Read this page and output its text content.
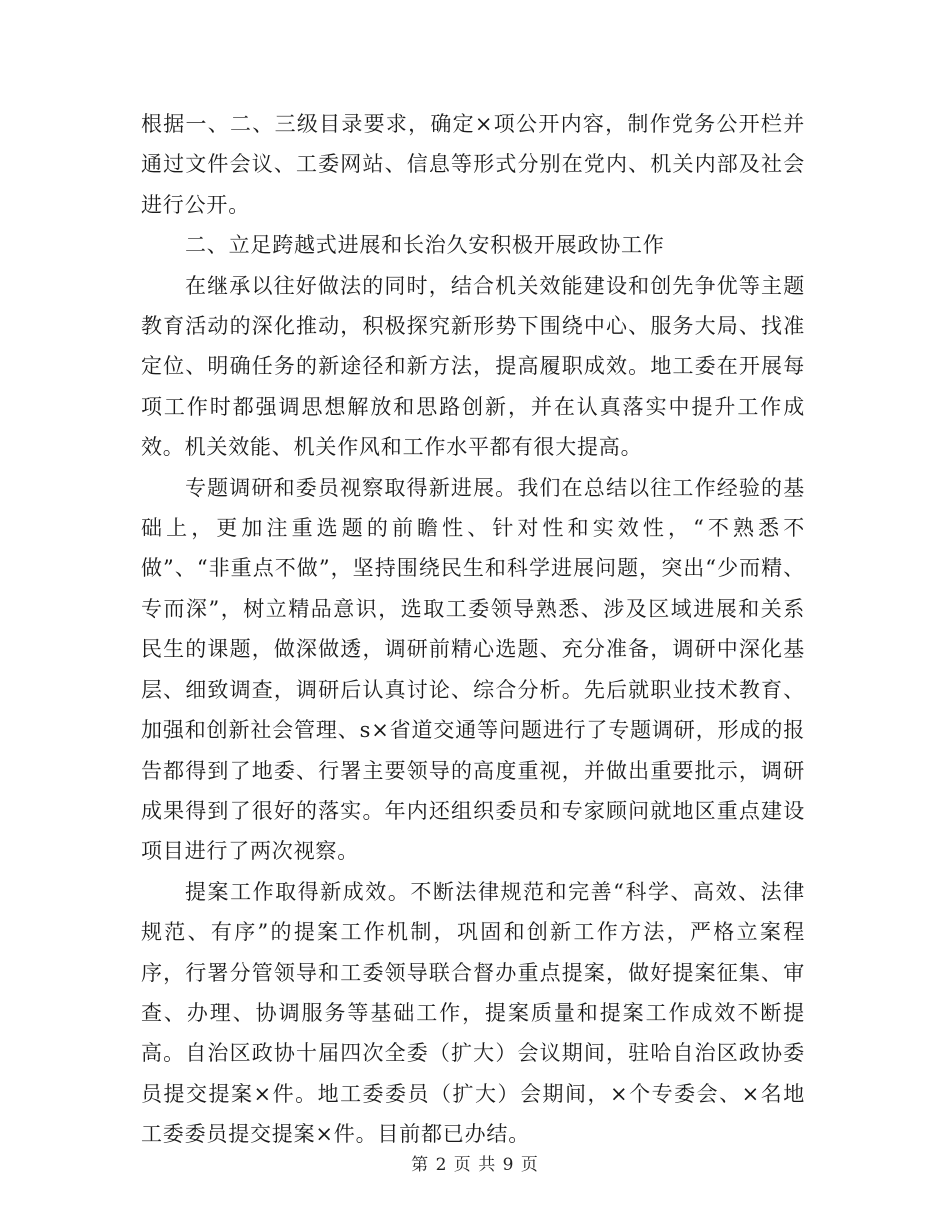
根据一、二、三级目录要求，确定×项公开内容，制作党务公开栏并通过文件会议、工委网站、信息等形式分别在党内、机关内部及社会进行公开。

二、立足跨越式进展和长治久安积极开展政协工作

在继承以往好做法的同时，结合机关效能建设和创先争优等主题教育活动的深化推动，积极探究新形势下围绕中心、服务大局、找准定位、明确任务的新途径和新方法，提高履职成效。地工委在开展每项工作时都强调思想解放和思路创新，并在认真落实中提升工作成效。机关效能、机关作风和工作水平都有很大提高。

专题调研和委员视察取得新进展。我们在总结以往工作经验的基础上，更加注重选题的前瞻性、针对性和实效性，“不熟悉不做”、“非重点不做”，坚持围绕民生和科学进展问题，突出“少而精、专而深”，树立精品意识，选取工委领导熟悉、涉及区域进展和关系民生的课题，做深做透，调研前精心选题、充分准备，调研中深化基层、细致调查，调研后认真讨论、综合分析。先后就职业技术教育、加强和创新社会管理、s×省道交通等问题进行了专题调研，形成的报告都得到了地委、行署主要领导的高度重视，并做出重要批示，调研成果得到了很好的落实。年内还组织委员和专家顾问就地区重点建设项目进行了两次视察。

提案工作取得新成效。不断法律规范和完善“科学、高效、法律规范、有序”的提案工作机制，巩固和创新工作方法，严格立案程序，行署分管领导和工委领导联合督办重点提案，做好提案征集、审查、办理、协调服务等基础工作，提案质量和提案工作成效不断提高。自治区政协十届四次全委（扩大）会议期间，驻哈自治区政协委员提交提案×件。地工委委员（扩大）会期间，×个专委会、×名地工委委员提交提案×件。目前都已办结。

第 2 页 共 9 页
